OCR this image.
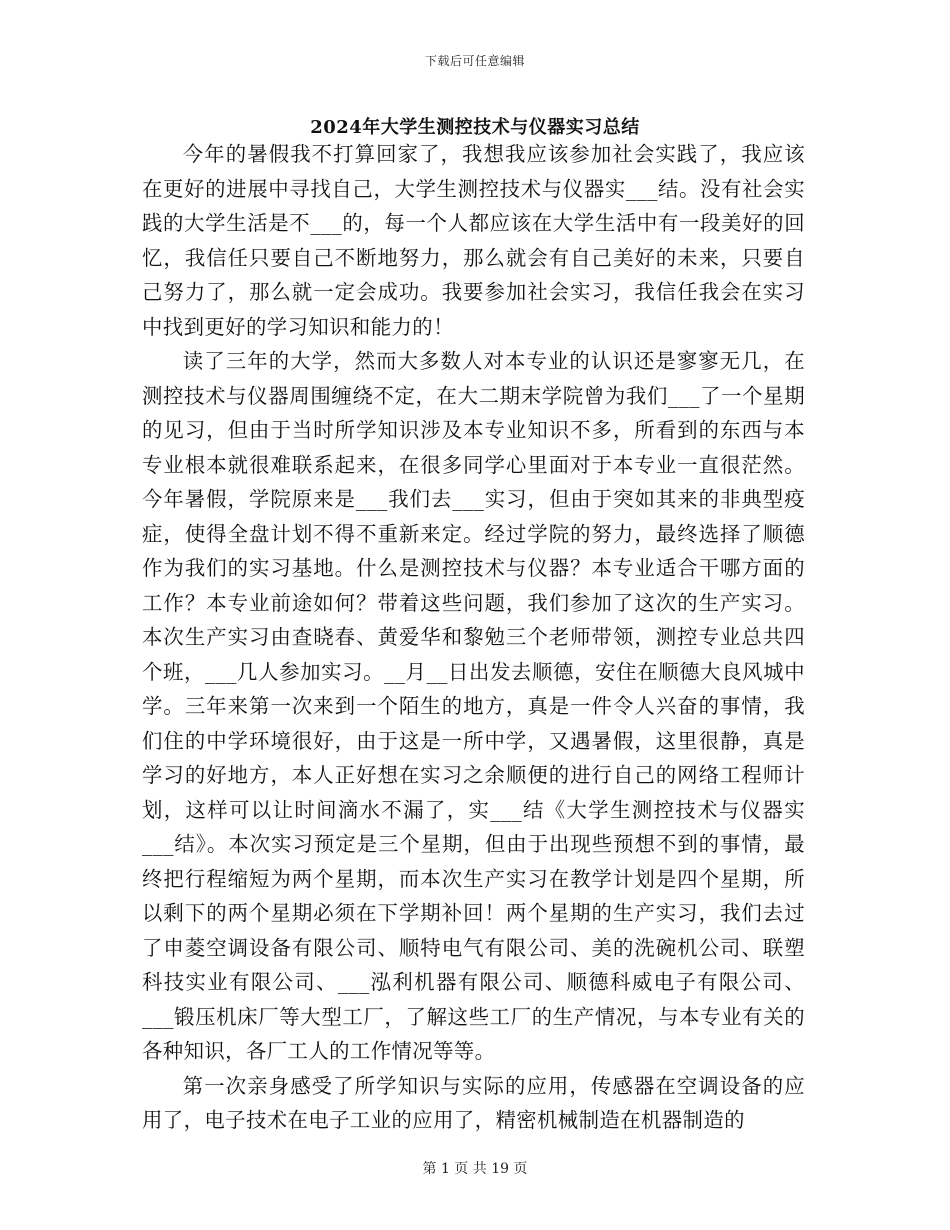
下载后可任意编辑
2024年大学生测控技术与仪器实习总结

今年的暑假我不打算回家了，我想我应该参加社会实践了，我应该在更好的进展中寻找自己，大学生测控技术与仪器实___结。没有社会实践的大学生活是不___的，每一个人都应该在大学生活中有一段美好的回忆，我信任只要自己不断地努力，那么就会有自己美好的未来，只要自己努力了，那么就一定会成功。我要参加社会实习，我信任我会在实习中找到更好的学习知识和能力的！

读了三年的大学，然而大多数人对本专业的认识还是寥寥无几，在测控技术与仪器周围缠绕不定，在大二期末学院曾为我们___了一个星期的见习，但由于当时所学知识涉及本专业知识不多，所看到的东西与本专业根本就很难联系起来，在很多同学心里面对于本专业一直很茫然。今年暑假，学院原来是___我们去___实习，但由于突如其来的非典型疫症，使得全盘计划不得不重新来定。经过学院的努力，最终选择了顺德作为我们的实习基地。什么是测控技术与仪器？本专业适合干哪方面的工作？本专业前途如何？带着这些问题，我们参加了这次的生产实习。本次生产实习由查晓春、黄爱华和黎勉三个老师带领，测控专业总共四个班，___几人参加实习。__月__日出发去顺德，安住在顺德大良风城中学。三年来第一次来到一个陌生的地方，真是一件令人兴奋的事情，我们住的中学环境很好，由于这是一所中学，又遇暑假，这里很静，真是学习的好地方，本人正好想在实习之余顺便的进行自己的网络工程师计划，这样可以让时间滴水不漏了，实___结《大学生测控技术与仪器实___结》。本次实习预定是三个星期，但由于出现些预想不到的事情，最终把行程缩短为两个星期，而本次生产实习在教学计划是四个星期，所以剩下的两个星期必须在下学期补回！两个星期的生产实习，我们去过了申菱空调设备有限公司、顺特电气有限公司、美的洗碗机公司、联塑科技实业有限公司、___泓利机器有限公司、顺德科威电子有限公司、___锻压机床厂等大型工厂，了解这些工厂的生产情况，与本专业有关的各种知识，各厂工人的工作情况等等。

第一次亲身感受了所学知识与实际的应用，传感器在空调设备的应用了，电子技术在电子工业的应用了，精密机械制造在机器制造的

第 1 页 共 19 页
